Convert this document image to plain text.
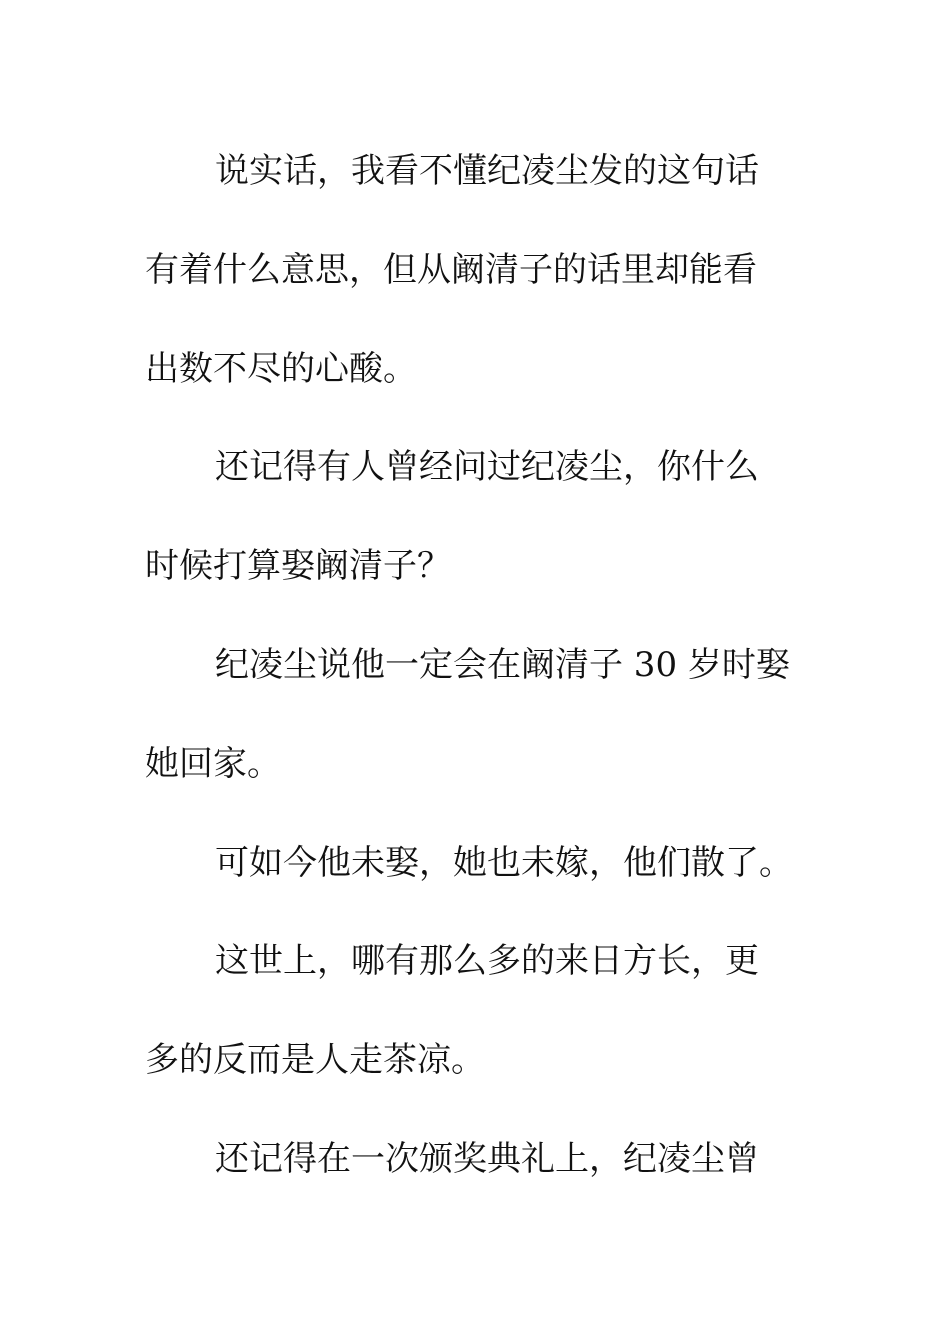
说实话，我看不懂纪凌尘发的这句话
有着什么意思，但从阚清子的话里却能看
出数不尽的心酸。
还记得有人曾经问过纪凌尘，你什么
时候打算娶阚清子？
纪凌尘说他一定会在阚清子 30 岁时娶
她回家。
可如今他未娶，她也未嫁，他们散了。
这世上，哪有那么多的来日方长，更
多的反而是人走茶凉。
还记得在一次颁奖典礼上，纪凌尘曾
